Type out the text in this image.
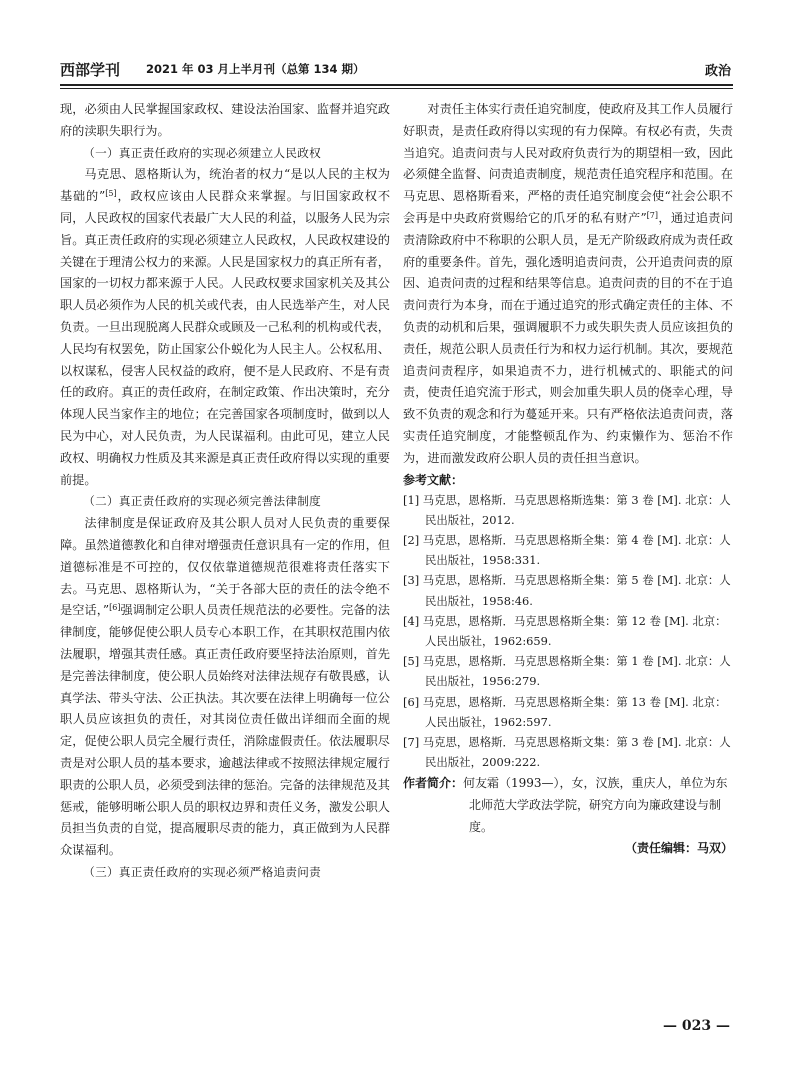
西部学刊 2021 年 03 月上半月刊（总第 134 期）	政治

现，必须由人民掌握国家政权、建设法治国家、监督并追究政府的渎职失职行为。

（一）真正责任政府的实现必须建立人民政权

马克思、恩格斯认为，统治者的权力“是以人民的主权为基础的”[5]，政权应该由人民群众来掌握。与旧国家政权不同，人民政权的国家代表最广大人民的利益，以服务人民为宗旨。真正责任政府的实现必须建立人民政权，人民政权建设的关键在于理清公权力的来源。人民是国家权力的真正所有者，国家的一切权力都来源于人民。人民政权要求国家机关及其公职人员必须作为人民的机关或代表，由人民选举产生，对人民负责。一旦出现脱离人民群众或顾及一己私利的机构或代表，人民均有权罢免，防止国家公仆蜕化为人民主人。公权私用、以权谋私，侵害人民权益的政府，便不是人民政府、不是有责任的政府。真正的责任政府，在制定政策、作出决策时，充分体现人民当家作主的地位；在完善国家各项制度时，做到以人民为中心，对人民负责，为人民谋福利。由此可见，建立人民政权、明确权力性质及其来源是真正责任政府得以实现的重要前提。

（二）真正责任政府的实现必须完善法律制度

法律制度是保证政府及其公职人员对人民负责的重要保障。虽然道德教化和自律对增强责任意识具有一定的作用，但道德标准是不可控的，仅仅依靠道德规范很难将责任落实下去。马克思、恩格斯认为，“关于各部大臣的责任的法令绝不是空话，”[6]强调制定公职人员责任规范法的必要性。完备的法律制度，能够促使公职人员专心本职工作，在其职权范围内依法履职，增强其责任感。真正责任政府要坚持法治原则，首先是完善法律制度，使公职人员始终对法律法规存有敬畏感，认真学法、带头守法、公正执法。其次要在法律上明确每一位公职人员应该担负的责任，对其岗位责任做出详细而全面的规定，促使公职人员完全履行责任，消除虚假责任。依法履职尽责是对公职人员的基本要求，逾越法律或不按照法律规定履行职责的公职人员，必须受到法律的惩治。完备的法律规范及其惩戒，能够明晰公职人员的职权边界和责任义务，激发公职人员担当负责的自觉，提高履职尽责的能力，真正做到为人民群众谋福利。

（三）真正责任政府的实现必须严格追责问责

对责任主体实行责任追究制度，使政府及其工作人员履行好职责，是责任政府得以实现的有力保障。有权必有责，失责当追究。追责问责与人民对政府负责行为的期望相一致，因此必须健全监督、问责追责制度，规范责任追究程序和范围。在马克思、恩格斯看来，严格的责任追究制度会使“社会公职不会再是中央政府赏赐给它的爪牙的私有财产”[7]，通过追责问责清除政府中不称职的公职人员，是无产阶级政府成为责任政府的重要条件。首先，强化透明追责问责，公开追责问责的原因、追责问责的过程和结果等信息。追责问责的目的不在于追责问责行为本身，而在于通过追究的形式确定责任的主体、不负责的动机和后果，强调履职不力或失职失责人员应该担负的责任，规范公职人员责任行为和权力运行机制。其次，要规范追责问责程序，如果追责不力，进行机械式的、职能式的问责，使责任追究流于形式，则会加重失职人员的侥幸心理，导致不负责的观念和行为蔓延开来。只有严格依法追责问责，落实责任追究制度，才能整顿乱作为、约束懒作为、惩治不作为，进而激发政府公职人员的责任担当意识。

参考文献：

[1] 马克思，恩格斯．马克思恩格斯选集：第 3 卷 [M]. 北京：人民出版社，2012.

[2] 马克思，恩格斯．马克思恩格斯全集：第 4 卷 [M]. 北京：人民出版社，1958:331.

[3] 马克思，恩格斯．马克思恩格斯全集：第 5 卷 [M]. 北京：人民出版社，1958:46.

[4] 马克思，恩格斯．马克思恩格斯全集：第 12 卷 [M]. 北京：人民出版社，1962:659.

[5] 马克思，恩格斯．马克思恩格斯全集：第 1 卷 [M]. 北京：人民出版社，1956:279.

[6] 马克思，恩格斯．马克思恩格斯全集：第 13 卷 [M]. 北京：人民出版社，1962:597.

[7] 马克思，恩格斯．马克思恩格斯文集：第 3 卷 [M]. 北京：人民出版社，2009:222.

作者简介：何友霜（1993—），女，汉族，重庆人，单位为东北师范大学政法学院，研究方向为廉政建设与制度。

（责任编辑：马双）

— 023 —
